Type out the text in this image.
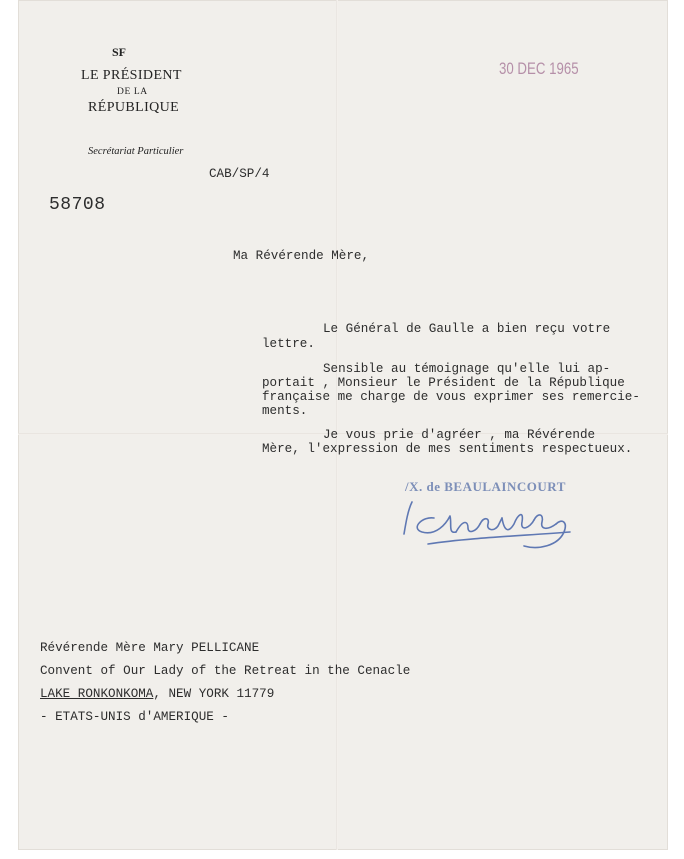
SF
LE PRÉSIDENT
DE LA
RÉPUBLIQUE
Secrétariat Particulier
30 DEC 1965
CAB/SP/4
58708
Ma Révérende Mère,
Le Général de Gaulle a bien reçu votre
lettre.
Sensible au témoignage qu'elle lui ap-
portait , Monsieur le Président de la République
française me charge de vous exprimer ses remercie-
ments.
Je vous prie d'agréer , ma Révérende
Mère, l'expression de mes sentiments respectueux.
/X. de BEAULAINCOURT
Révérende Mère Mary PELLICANE
Convent of Our Lady of the Retreat in the Cenacle
LAKE RONKONKOMA, NEW YORK 11779
- ETATS-UNIS d'AMERIQUE -
